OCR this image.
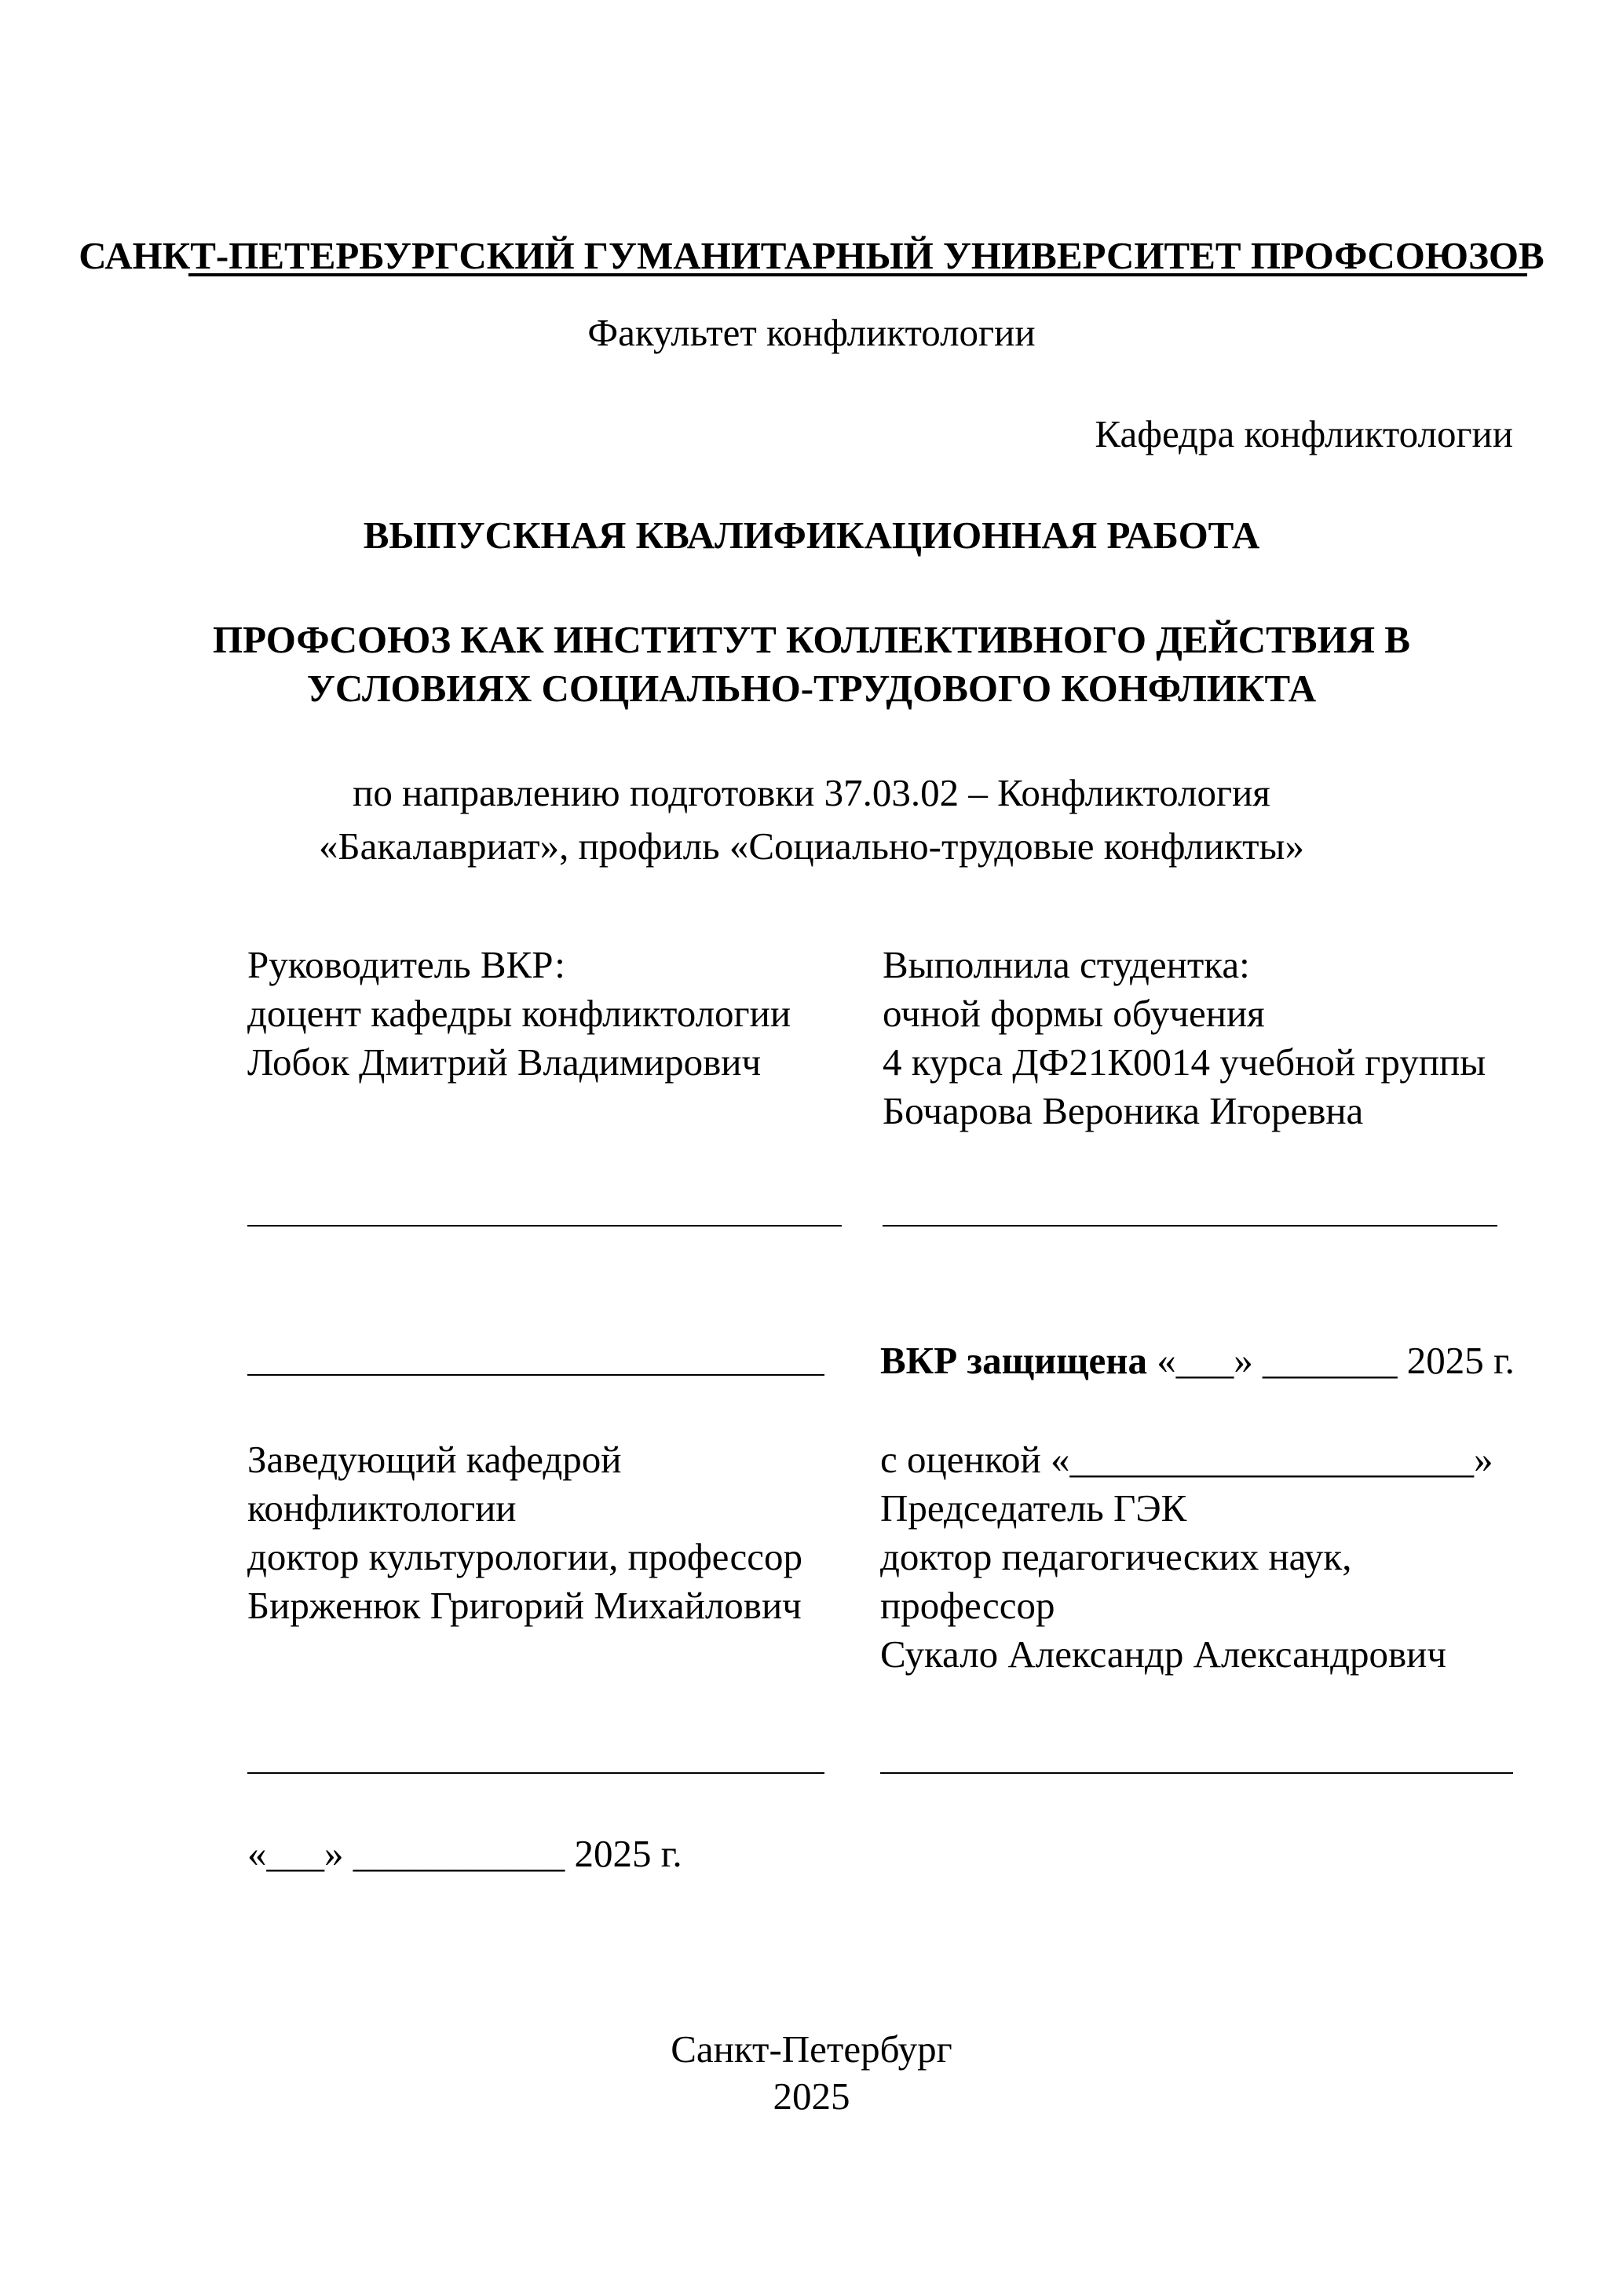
САНКТ-ПЕТЕРБУРГСКИЙ ГУМАНИТАРНЫЙ УНИВЕРСИТЕТ ПРОФСОЮЗОВ
Факультет конфликтологии
Кафедра конфликтологии
ВЫПУСКНАЯ КВАЛИФИКАЦИОННАЯ РАБОТА
ПРОФСОЮЗ КАК ИНСТИТУТ КОЛЛЕКТИВНОГО ДЕЙСТВИЯ В
УСЛОВИЯХ СОЦИАЛЬНО-ТРУДОВОГО КОНФЛИКТА
по направлению подготовки 37.03.02 – Конфликтология
«Бакалавриат», профиль «Социально-трудовые конфликты»
Руководитель ВКР:
доцент кафедры конфликтологии
Лобок Дмитрий Владимирович
Выполнила студентка:
очной формы обучения
4 курса ДФ21К0014 учебной группы
Бочарова Вероника Игоревна
ВКР защищена «___» _______ 2025 г.
Заведующий кафедрой
конфликтологии
доктор культурологии, профессор
Бирженюк Григорий Михайлович
с оценкой «_____________________»
Председатель ГЭК
доктор педагогических наук,
профессор
Сукало Александр Александрович
«___» ___________ 2025 г.
Санкт-Петербург
2025
